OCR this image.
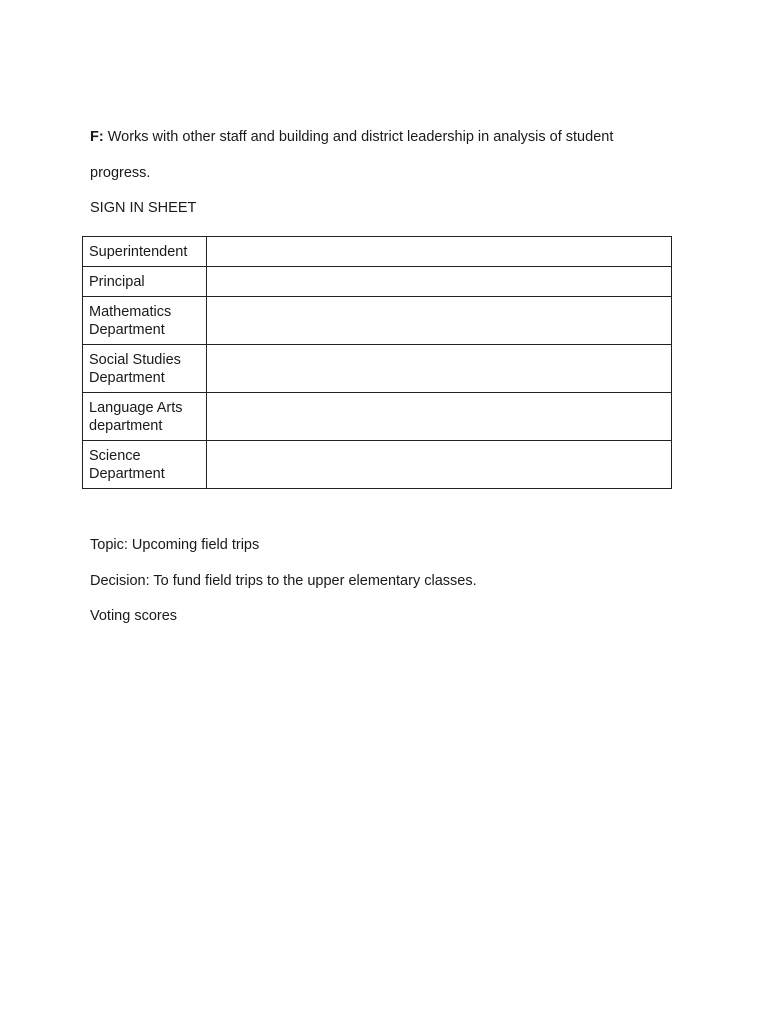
F: Works with other staff and building and district leadership in analysis of student
progress.
SIGN IN SHEET
Superintendent	
Principal	
Mathematics Department	
Social Studies Department	
Language Arts department	
Science Department	
Topic: Upcoming field trips
Decision: To fund field trips to the upper elementary classes.
Voting scores
